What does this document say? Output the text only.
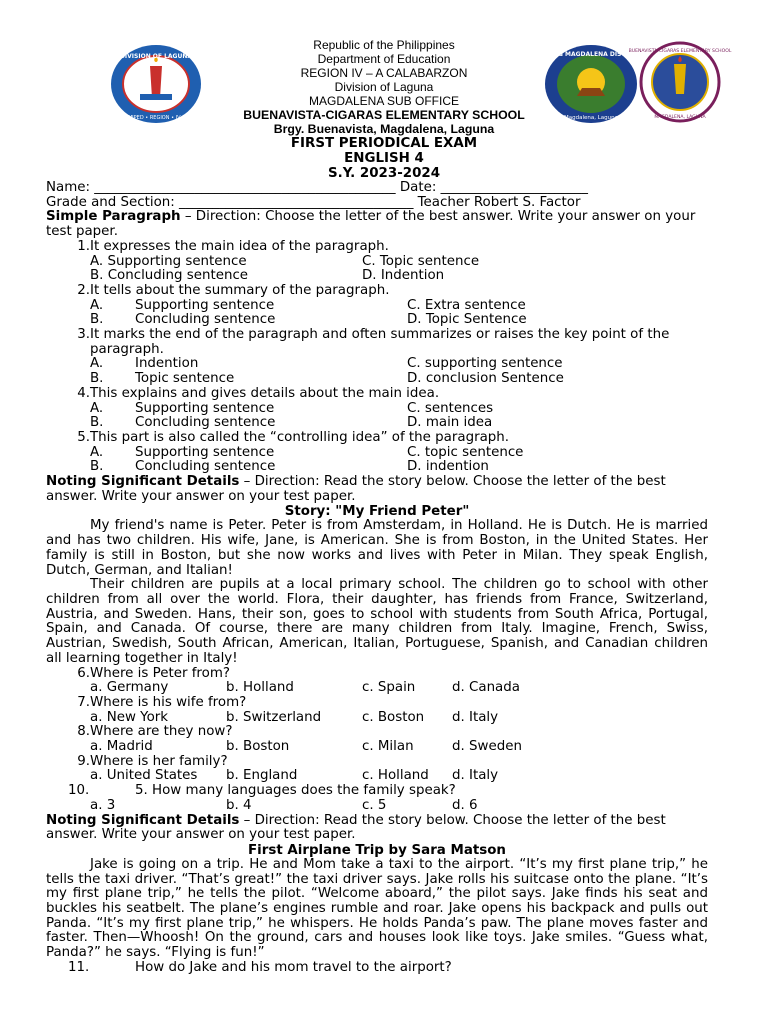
DIVISION OF LAGUNA
DEPED • REGION • IV-A
DepEd MAGDALENA DISTRICT
Magdalena, Laguna
BUENAVISTA-CIGARAS ELEMENTARY SCHOOL
MAGDALENA, LAGUNA
Republic of the Philippines
Department of Education
REGION IV – A CALABARZON
Division of Laguna
MAGDALENA SUB OFFICE
BUENAVISTA-CIGARAS ELEMENTARY SCHOOL
Brgy. Buenavista, Magdalena, Laguna
FIRST PERIODICAL EXAM
ENGLISH 4
S.Y. 2023-2024
Name: _____________________________________________ Date: ______________________
Grade and Section: ___________________________________ Teacher Robert S. Factor
Simple Paragraph – Direction: Choose the letter of the best answer. Write your answer on your test paper.
1. It expresses the main idea of the paragraph.
A. Supporting sentence	C. Topic sentence
B. Concluding sentence	D. Indention
2. It tells about the summary of the paragraph.
A.	Supporting sentence	C. Extra sentence
B.	Concluding sentence	D. Topic Sentence
3. It marks the end of the paragraph and often summarizes or raises the key point of the paragraph.
A.	Indention	C. supporting sentence
B.	Topic sentence	D. conclusion Sentence
4. This explains and gives details about the main idea.
A.	Supporting sentence	C. sentences
B.	Concluding sentence	D. main idea
5. This part is also called the “controlling idea” of the paragraph.
A.	Supporting sentence	C. topic sentence
B.	Concluding sentence	D. indention
Noting Significant Details – Direction: Read the story below. Choose the letter of the best answer. Write your answer on your test paper.
Story: "My Friend Peter"
My friend's name is Peter. Peter is from Amsterdam, in Holland. He is Dutch. He is married and has two children. His wife, Jane, is American. She is from Boston, in the United States. Her family is still in Boston, but she now works and lives with Peter in Milan. They speak English, Dutch, German, and Italian!
Their children are pupils at a local primary school. The children go to school with other children from all over the world. Flora, their daughter, has friends from France, Switzerland, Austria, and Sweden. Hans, their son, goes to school with students from South Africa, Portugal, Spain, and Canada. Of course, there are many children from Italy. Imagine, French, Swiss, Austrian, Swedish, South African, American, Italian, Portuguese, Spanish, and Canadian children all learning together in Italy!
6. Where is Peter from?
a. Germany	b. Holland	c. Spain	d. Canada
7. Where is his wife from?
a. New York	b. Switzerland	c. Boston	d. Italy
8. Where are they now?
a. Madrid	b. Boston	c. Milan	d. Sweden
9. Where is her family?
a. United States	b. England	c. Holland	d. Italy
10.	5. How many languages does the family speak?
a. 3	b. 4	c. 5	d. 6
Noting Significant Details – Direction: Read the story below. Choose the letter of the best answer. Write your answer on your test paper.
First Airplane Trip by Sara Matson
Jake is going on a trip. He and Mom take a taxi to the airport. “It’s my first plane trip,” he tells the taxi driver. “That’s great!” the taxi driver says. Jake rolls his suitcase onto the plane. “It’s my first plane trip,” he tells the pilot. “Welcome aboard,” the pilot says. Jake finds his seat and buckles his seatbelt. The plane’s engines rumble and roar. Jake opens his backpack and pulls out Panda. “It’s my first plane trip,” he whispers. He holds Panda’s paw. The plane moves faster and faster. Then—Whoosh! On the ground, cars and houses look like toys. Jake smiles. “Guess what, Panda?” he says. “Flying is fun!”
11.	How do Jake and his mom travel to the airport?
